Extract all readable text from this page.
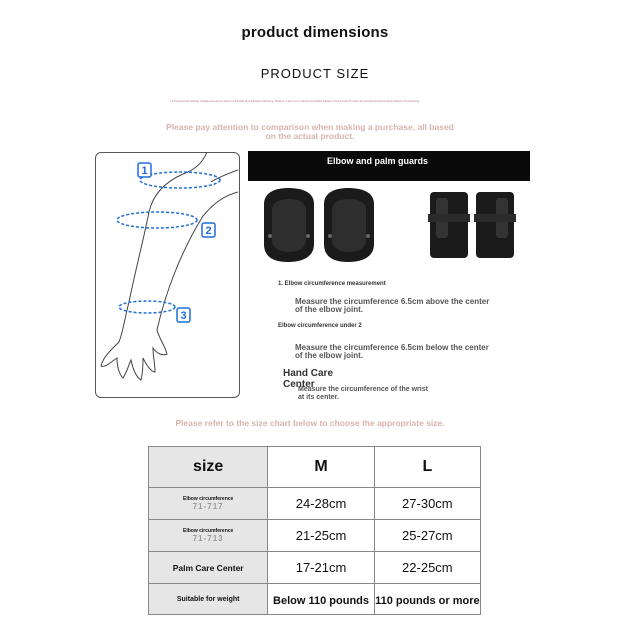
product dimensions
PRODUCT SIZE
1.Professional Size(s) 2.Measurements Sizes) 3.Details and Pictures Warning: Data is 1-2cm error Errors Possible Please Check Fully Fit with the Actual Products Sizes Before Purchasing
Please pay attention to comparison when making a purchase, all based on the actual product.
1
2
3
Elbow and palm guards
1. Elbow circumference measurement
Measure the circumference 6.5cm above the center of the elbow joint.
Elbow circumference under 2
Measure the circumference 6.5cm below the center of the elbow joint.
Hand Care Center
Measure the circumference of the wrist at its center.
Please refer to the size chart below to choose the appropriate size.
size	M	L

Elbow circumference
71-717	24-28cm	27-30cm

Elbow circumference
71-713	21-25cm	25-27cm

Palm Care Center	17-21cm	22-25cm

Suitable for weight	Below 110 pounds	110 pounds or more
